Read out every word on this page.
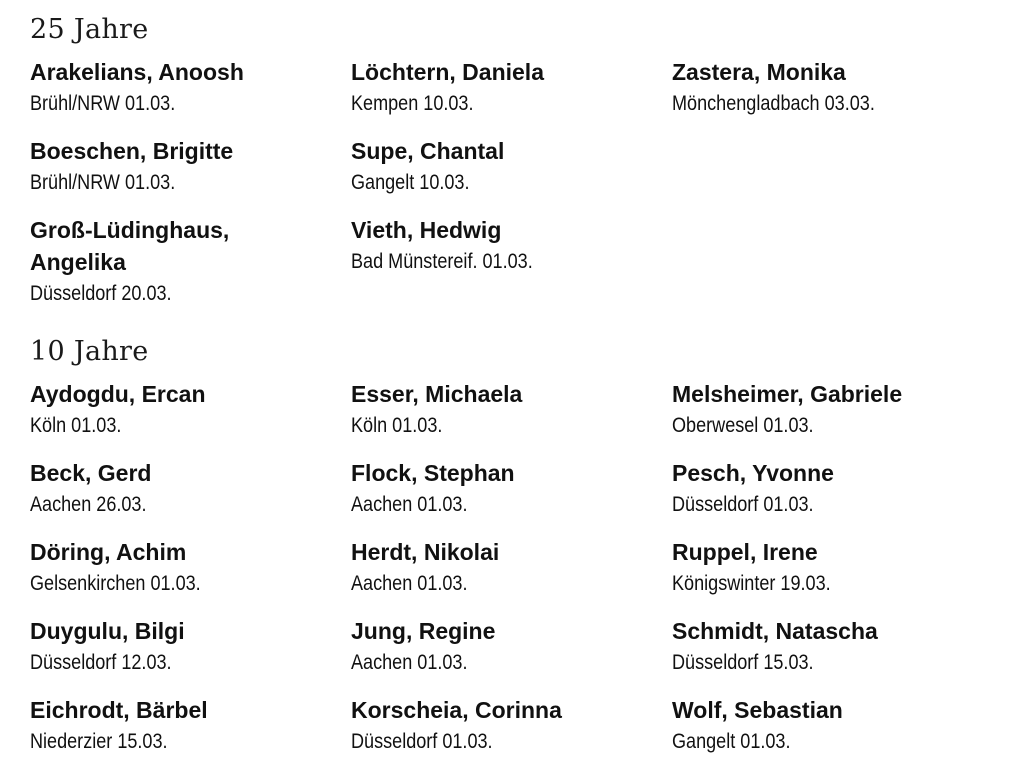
25 Jahre
Arakelians, Anoosh
Brühl/NRW 01.03.
Löchtern, Daniela
Kempen 10.03.
Zastera, Monika
Mönchengladbach 03.03.
Boeschen, Brigitte
Brühl/NRW 01.03.
Supe, Chantal
Gangelt 10.03.
Groß-Lüdinghaus, Angelika
Düsseldorf 20.03.
Vieth, Hedwig
Bad Münstereif. 01.03.
10 Jahre
Aydogdu, Ercan
Köln 01.03.
Esser, Michaela
Köln 01.03.
Melsheimer, Gabriele
Oberwesel 01.03.
Beck, Gerd
Aachen 26.03.
Flock, Stephan
Aachen 01.03.
Pesch, Yvonne
Düsseldorf 01.03.
Döring, Achim
Gelsenkirchen 01.03.
Herdt, Nikolai
Aachen 01.03.
Ruppel, Irene
Königswinter 19.03.
Duygulu, Bilgi
Düsseldorf 12.03.
Jung, Regine
Aachen 01.03.
Schmidt, Natascha
Düsseldorf 15.03.
Eichrodt, Bärbel
Niederzier 15.03.
Korscheia, Corinna
Düsseldorf 01.03.
Wolf, Sebastian
Gangelt 01.03.
